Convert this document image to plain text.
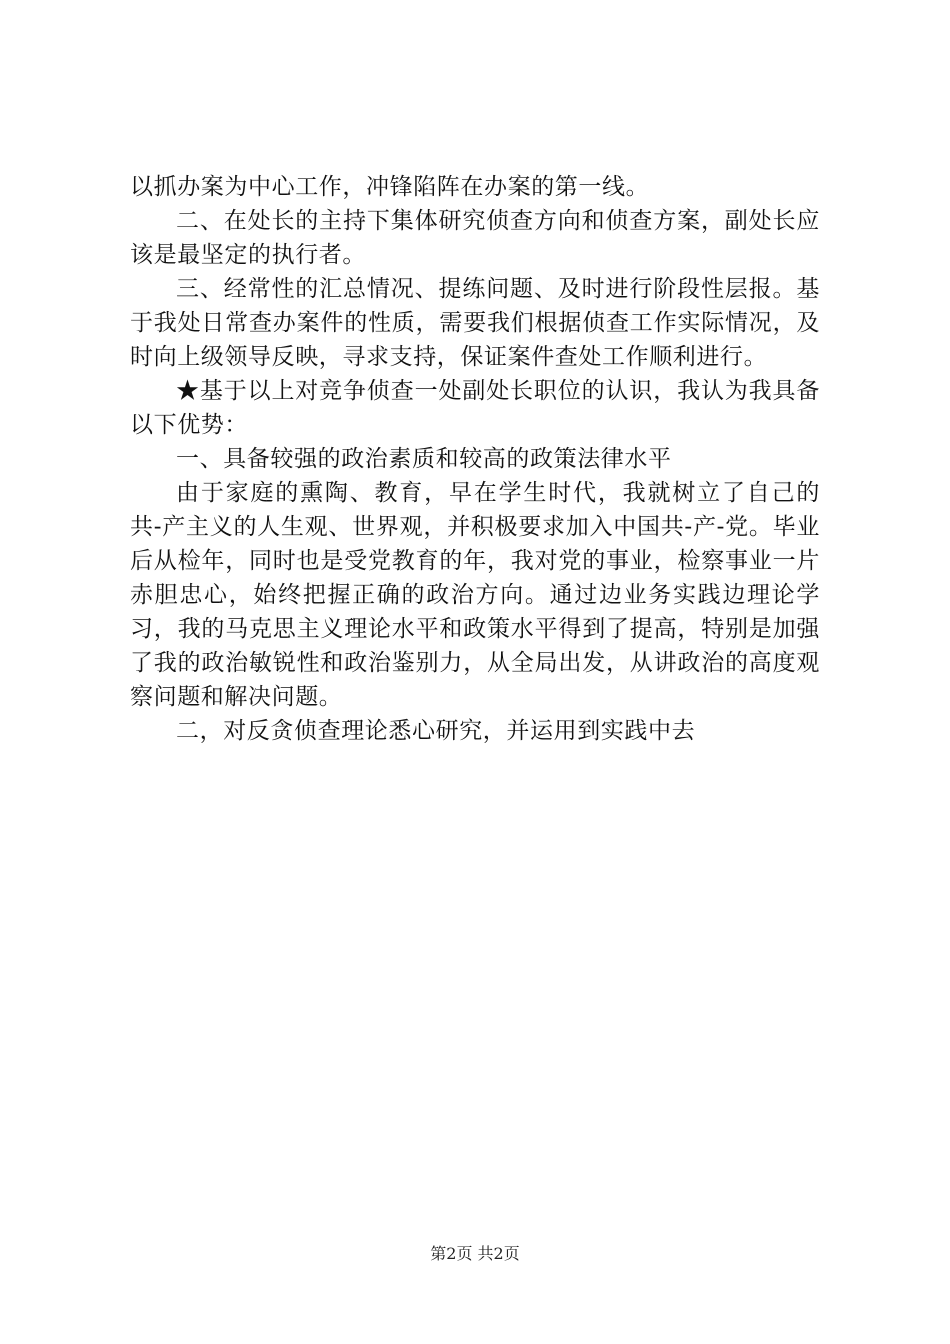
以抓办案为中心工作，冲锋陷阵在办案的第一线。

二、在处长的主持下集体研究侦查方向和侦查方案，副处长应该是最坚定的执行者。

三、经常性的汇总情况、提练问题、及时进行阶段性层报。基于我处日常查办案件的性质，需要我们根据侦查工作实际情况，及时向上级领导反映，寻求支持，保证案件查处工作顺利进行。

★基于以上对竞争侦查一处副处长职位的认识，我认为我具备以下优势：

一、具备较强的政治素质和较高的政策法律水平

由于家庭的熏陶、教育，早在学生时代，我就树立了自己的共-产主义的人生观、世界观，并积极要求加入中国共-产-党。毕业后从检年，同时也是受党教育的年，我对党的事业，检察事业一片赤胆忠心，始终把握正确的政治方向。通过边业务实践边理论学习，我的马克思主义理论水平和政策水平得到了提高，特别是加强了我的政治敏锐性和政治鉴别力，从全局出发，从讲政治的高度观察问题和解决问题。

二，对反贪侦查理论悉心研究，并运用到实践中去

第2页 共2页
